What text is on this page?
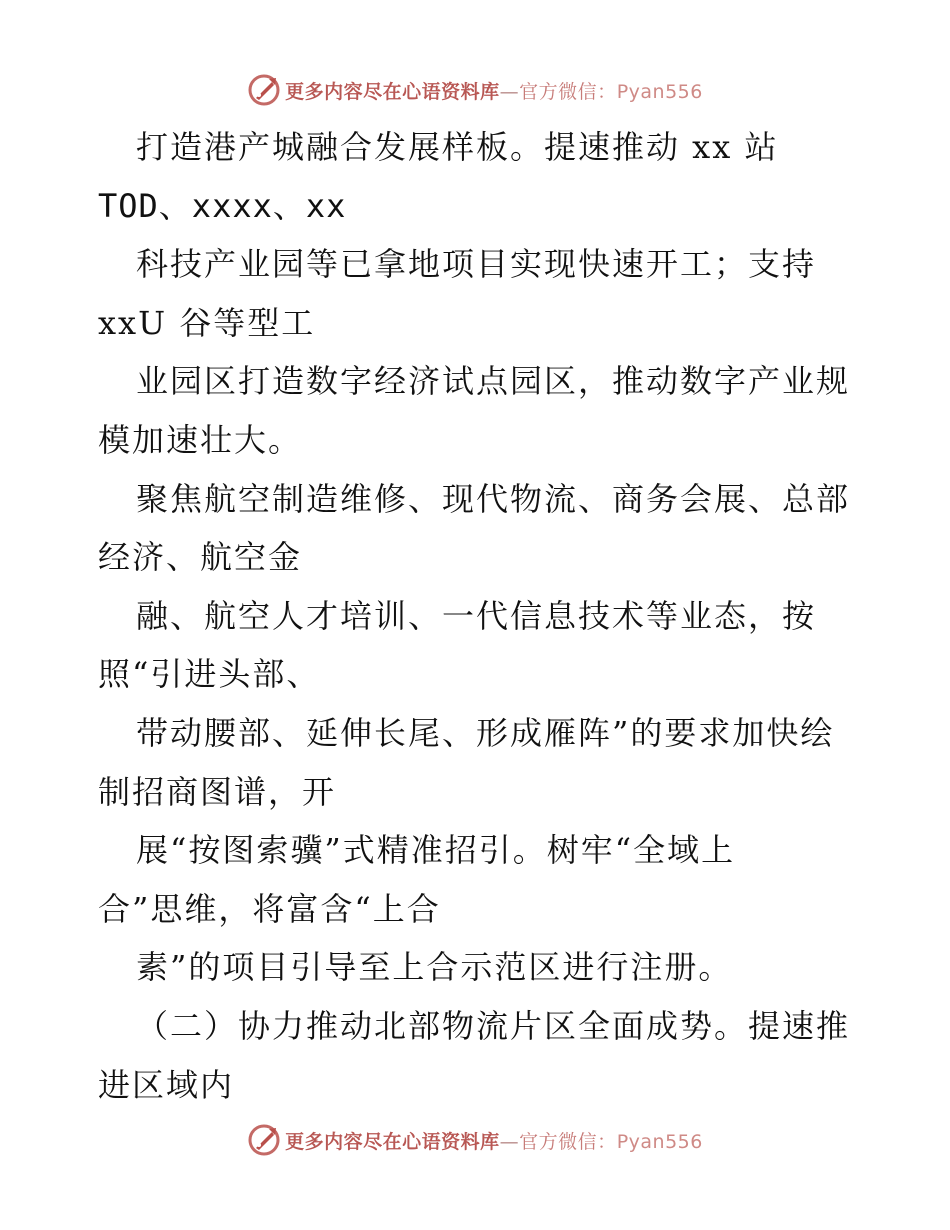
更多内容尽在心语资料库—官方微信：Pyan556
打造港产城融合发展样板。提速推动 xx 站
TOD、xxxx、xx
科技产业园等已拿地项目实现快速开工；支持
xxU 谷等型工
业园区打造数字经济试点园区，推动数字产业规
模加速壮大。
聚焦航空制造维修、现代物流、商务会展、总部
经济、航空金
融、航空人才培训、一代信息技术等业态，按
照“引进头部、
带动腰部、延伸长尾、形成雁阵”的要求加快绘
制招商图谱，开
展“按图索骥”式精准招引。树牢“全域上
合”思维，将富含“上合
素”的项目引导至上合示范区进行注册。
（二）协力推动北部物流片区全面成势。提速推
进区域内
更多内容尽在心语资料库—官方微信：Pyan556
